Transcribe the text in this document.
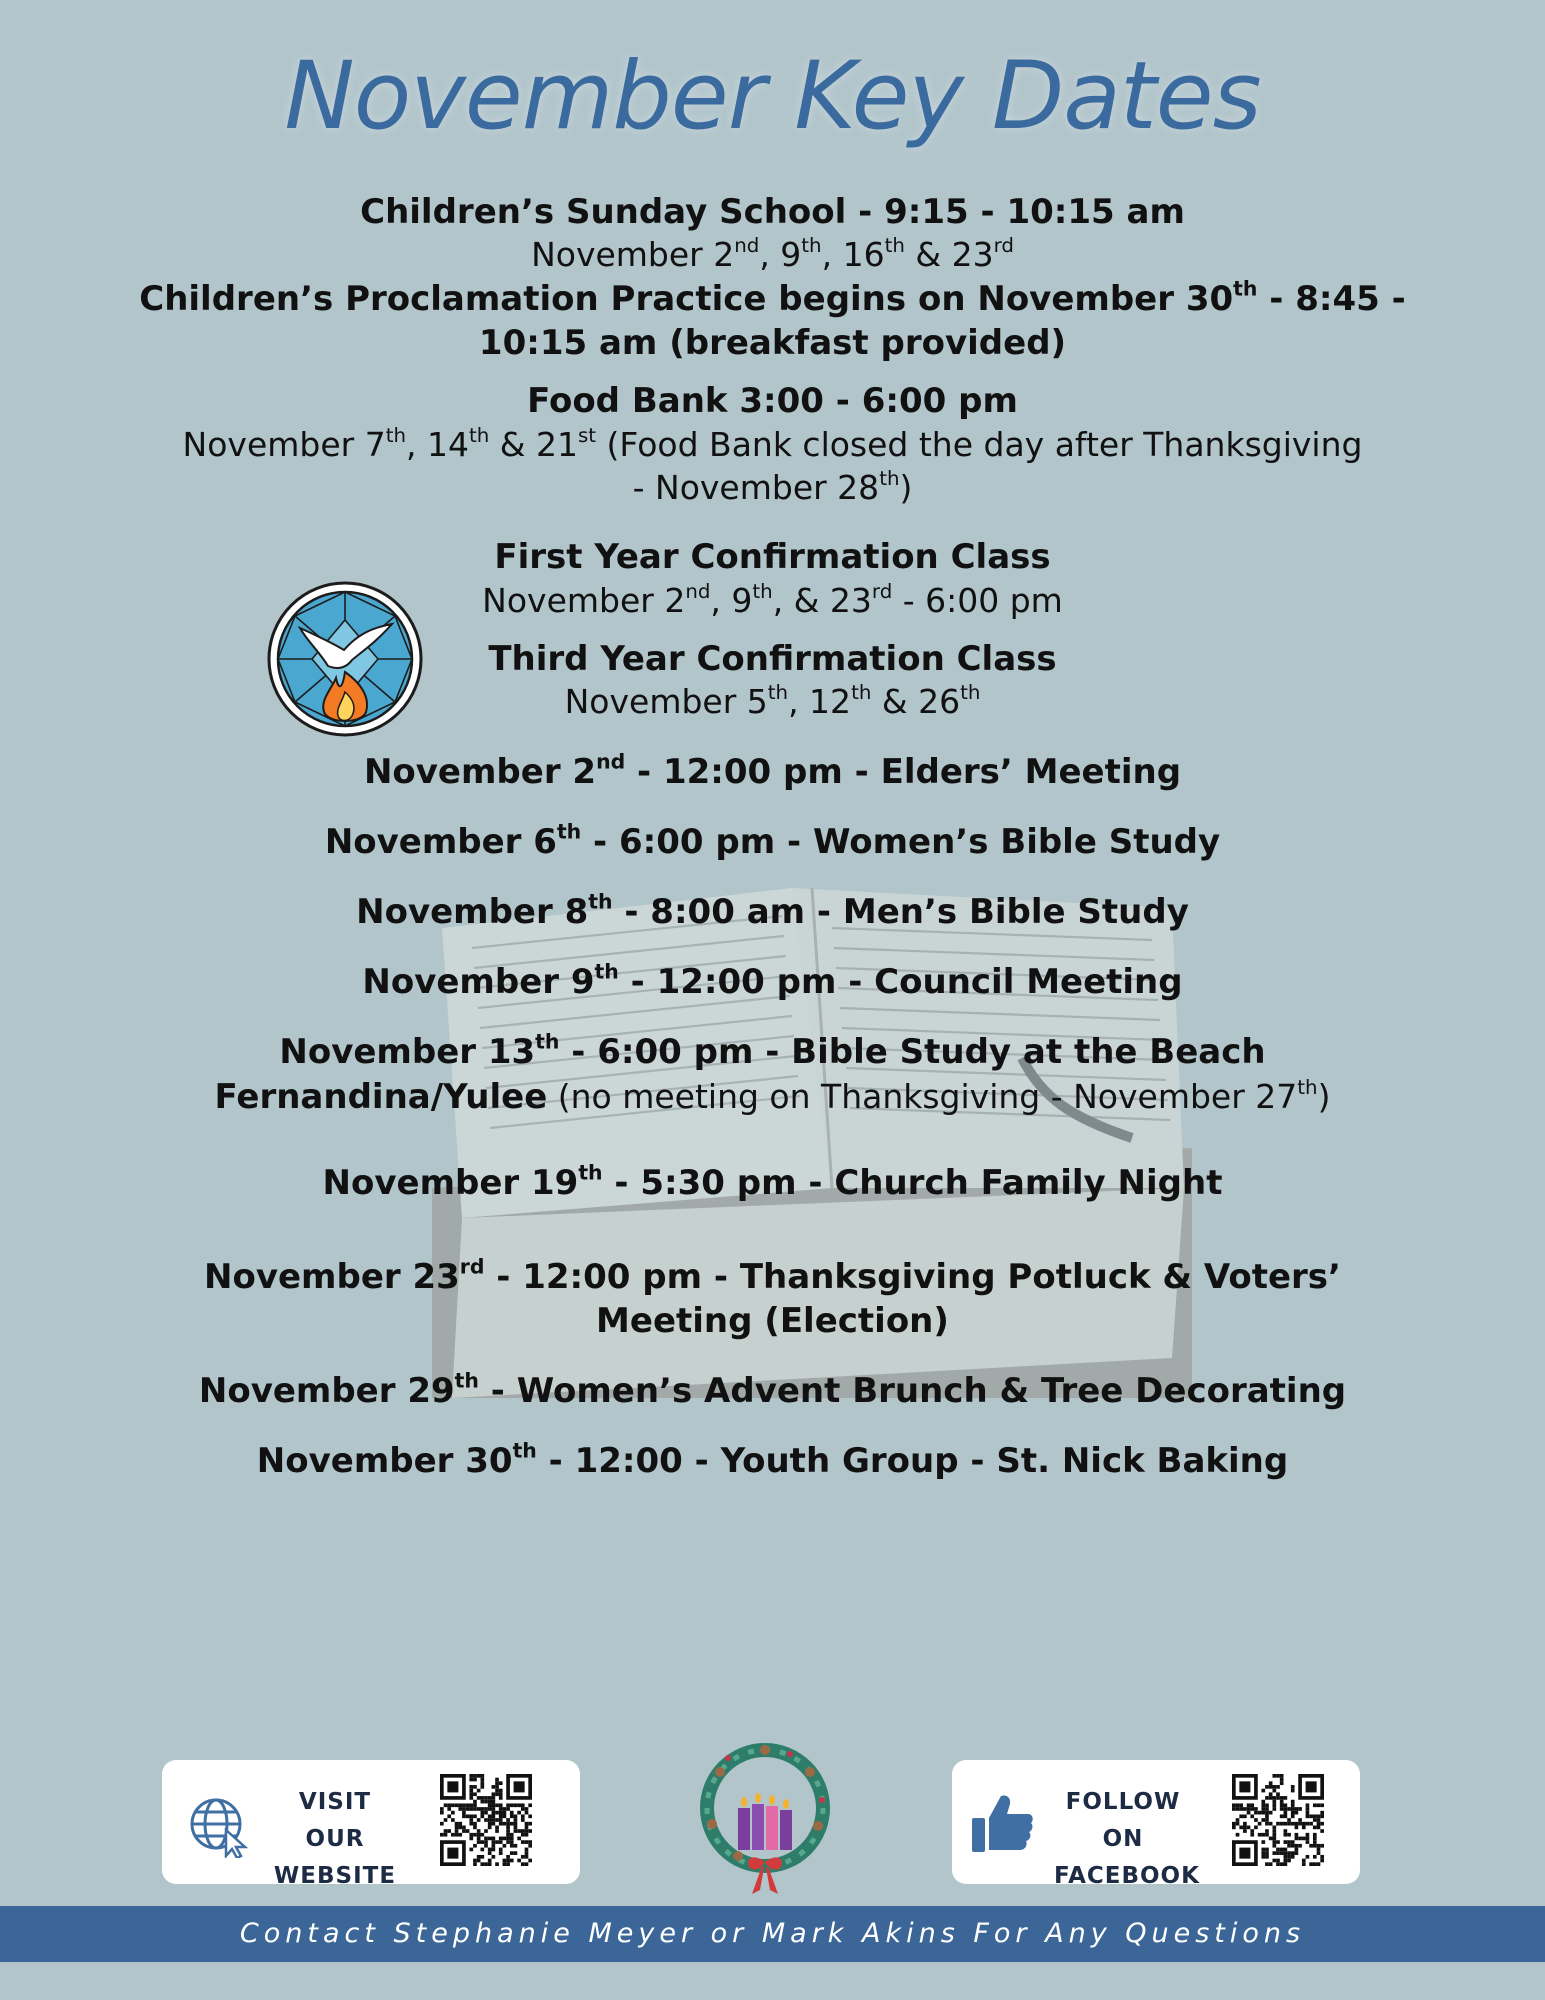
November Key Dates

Children’s Sunday School - 9:15 - 10:15 am

November 2nd, 9th, 16th & 23rd

Children’s Proclamation Practice begins on November 30th - 8:45 -

10:15 am (breakfast provided)

Food Bank 3:00 - 6:00 pm

November 7th, 14th & 21st (Food Bank closed the day after Thanksgiving

- November 28th)

First Year Confirmation Class

November 2nd, 9th, & 23rd - 6:00 pm

Third Year Confirmation Class

November 5th, 12th & 26th

November 2nd - 12:00 pm - Elders’ Meeting

November 6th - 6:00 pm - Women’s Bible Study

November 8th - 8:00 am - Men’s Bible Study

November 9th - 12:00 pm - Council Meeting

November 13th - 6:00 pm - Bible Study at the Beach

Fernandina/Yulee (no meeting on Thanksgiving - November 27th)

November 19th - 5:30 pm - Church Family Night

November 23rd - 12:00 pm - Thanksgiving Potluck & Voters’

Meeting (Election)

November 29th - Women’s Advent Brunch & Tree Decorating

November 30th - 12:00 - Youth Group - St. Nick Baking

VISIT OUR
WEBSITE
FOLLOW ON
FACEBOOK
Contact Stephanie Meyer or Mark Akins For Any Questions
